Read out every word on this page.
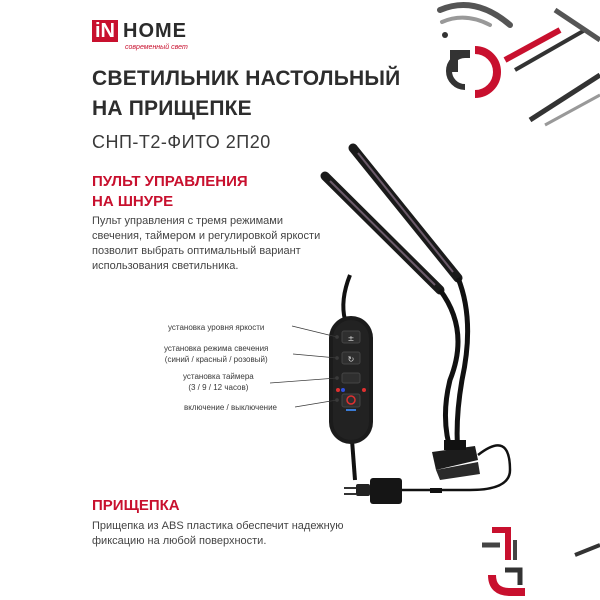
±
↻
iN HOME
современный свет
СВЕТИЛЬНИК НАСТОЛЬНЫЙ
НА ПРИЩЕПКЕ
СНП-Т2-ФИТО 2П20
ПУЛЬТ УПРАВЛЕНИЯ
НА ШНУРЕ
Пульт управления с тремя режимами свечения, таймером и регулировкой яркости позволит выбрать оптимальный вариант использования светильника.
установка уровня яркости
установка режима свечения
(синий / красный / розовый)
установка таймера
(3 / 9 / 12 часов)
включение / выключение
ПРИЩЕПКА
Прищепка из ABS пластика обеспечит надежную фиксацию на любой поверхности.
